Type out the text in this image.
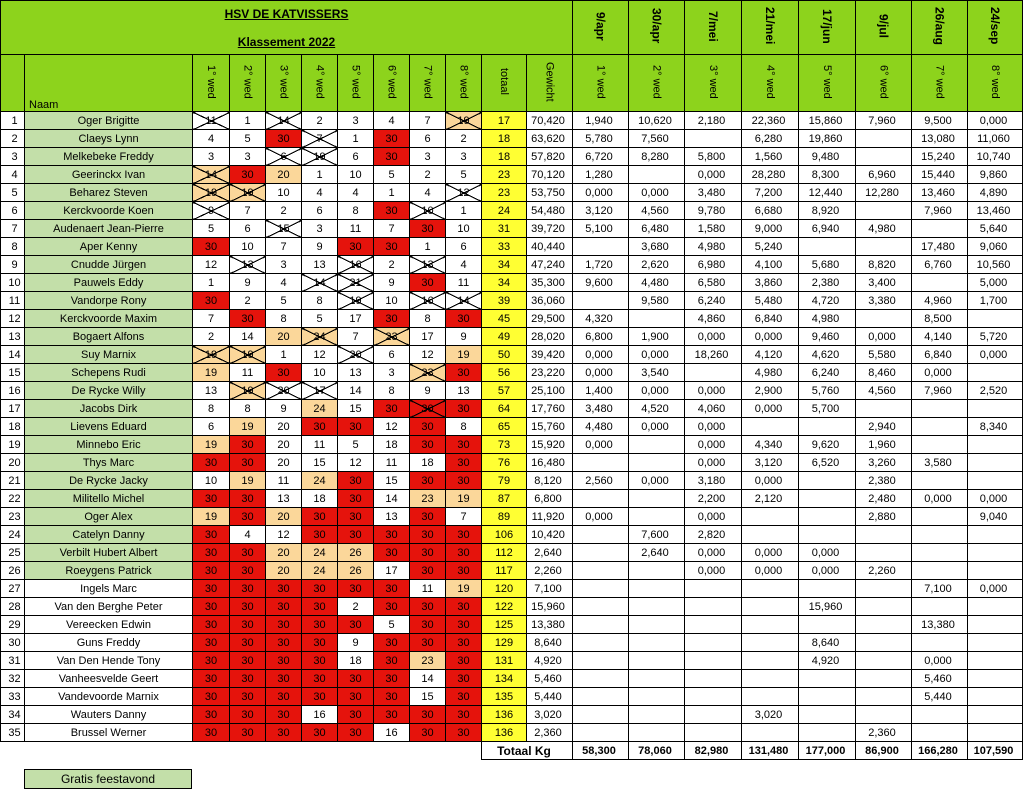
HSV DE KATVISSERS
Klassement 2022												9/apr	30/apr	7/mei	21/mei	17/jun	9/jul	26/aug	24/sep
	Naam	1° wed	2° wed	3° wed	4° wed	5° wed	6° wed	7° wed	8° wed	totaal	Gewicht	1° wed	2° wed	3° wed	4° wed	5° wed	6° wed	7° wed	8° wed
1	Oger Brigitte	11	1	14	2	3	4	7	19	17	70,420	1,940	10,620	2,180	22,360	15,860	7,960	9,500	0,000
2	Claeys Lynn	4	5	30	7	1	30	6	2	18	63,620	5,780	7,560		6,280	19,860		13,080	11,060
3	Melkebeke Freddy	3	3	6	19	6	30	3	3	18	57,820	6,720	8,280	5,800	1,560	9,480		15,240	10,740
4	Geerinckx Ivan	14	30	20	1	10	5	2	5	23	70,120	1,280		0,000	28,280	8,300	6,960	15,440	9,860
5	Beharez Steven	19	19	10	4	4	1	4	12	23	53,750	0,000	0,000	3,480	7,200	12,440	12,280	13,460	4,890
6	Kerckvoorde Koen	9	7	2	6	8	30	10	1	24	54,480	3,120	4,560	9,780	6,680	8,920		7,960	13,460
7	Audenaert Jean-Pierre	5	6	15	3	11	7	30	10	31	39,720	5,100	6,480	1,580	9,000	6,940	4,980		5,640
8	Aper Kenny	30	10	7	9	30	30	1	6	33	40,440		3,680	4,980	5,240			17,480	9,060
9	Cnudde Jürgen	12	13	3	13	16	2	13	4	34	47,240	1,720	2,620	6,980	4,100	5,680	8,820	6,760	10,560
10	Pauwels Eddy	1	9	4	14	21	9	30	11	34	35,300	9,600	4,480	6,580	3,860	2,380	3,400		5,000
11	Vandorpe Rony	30	2	5	8	19	10	16	14	39	36,060		9,580	6,240	5,480	4,720	3,380	4,960	1,700
12	Kerckvoorde Maxim	7	30	8	5	17	30	8	30	45	29,500	4,320		4,860	6,840	4,980		8,500	
13	Bogaert Alfons	2	14	20	24	7	23	17	9	49	28,020	6,800	1,900	0,000	0,000	9,460	0,000	4,140	5,720
14	Suy Marnix	19	19	1	12	20	6	12	19	50	39,420	0,000	0,000	18,260	4,120	4,620	5,580	6,840	0,000
15	Schepens Rudi	19	11	30	10	13	3	23	30	56	23,220	0,000	3,540		4,980	6,240	8,460	0,000	
16	De Rycke Willy	13	19	20	17	14	8	9	13	57	25,100	1,400	0,000	0,000	2,900	5,760	4,560	7,960	2,520
17	Jacobs Dirk	8	8	9	24	15	30	30	30	64	17,760	3,480	4,520	4,060	0,000	5,700			
18	Lievens Eduard	6	19	20	30	30	12	30	8	65	15,760	4,480	0,000	0,000			2,940		8,340
19	Minnebo Eric	19	30	20	11	5	18	30	30	73	15,920	0,000		0,000	4,340	9,620	1,960		
20	Thys Marc	30	30	20	15	12	11	18	30	76	16,480			0,000	3,120	6,520	3,260	3,580	
21	De Rycke Jacky	10	19	11	24	30	15	30	30	79	8,120	2,560	0,000	3,180	0,000		2,380		
22	Militello Michel	30	30	13	18	30	14	23	19	87	6,800			2,200	2,120		2,480	0,000	0,000
23	Oger Alex	19	30	20	30	30	13	30	7	89	11,920	0,000		0,000			2,880		9,040
24	Catelyn Danny	30	4	12	30	30	30	30	30	106	10,420		7,600	2,820					
25	Verbilt Hubert Albert	30	30	20	24	26	30	30	30	112	2,640		2,640	0,000	0,000	0,000			
26	Roeygens Patrick	30	30	20	24	26	17	30	30	117	2,260			0,000	0,000	0,000	2,260		
27	Ingels Marc	30	30	30	30	30	30	11	19	120	7,100							7,100	0,000
28	Van den Berghe Peter	30	30	30	30	2	30	30	30	122	15,960					15,960			
29	Vereecken Edwin	30	30	30	30	30	5	30	30	125	13,380							13,380	
30	Guns Freddy	30	30	30	30	9	30	30	30	129	8,640					8,640			
31	Van Den Hende Tony	30	30	30	30	18	30	23	30	131	4,920					4,920		0,000	
32	Vanheesvelde Geert	30	30	30	30	30	30	14	30	134	5,460							5,460	
33	Vandevoorde Marnix	30	30	30	30	30	30	15	30	135	5,440							5,440	
34	Wauters Danny	30	30	30	16	30	30	30	30	136	3,020				3,020				
35	Brussel Werner	30	30	30	30	30	16	30	30	136	2,360						2,360		
										Totaal Kg		58,300	78,060	82,980	131,480	177,000	86,900	166,280	107,590
Gratis feestavond
